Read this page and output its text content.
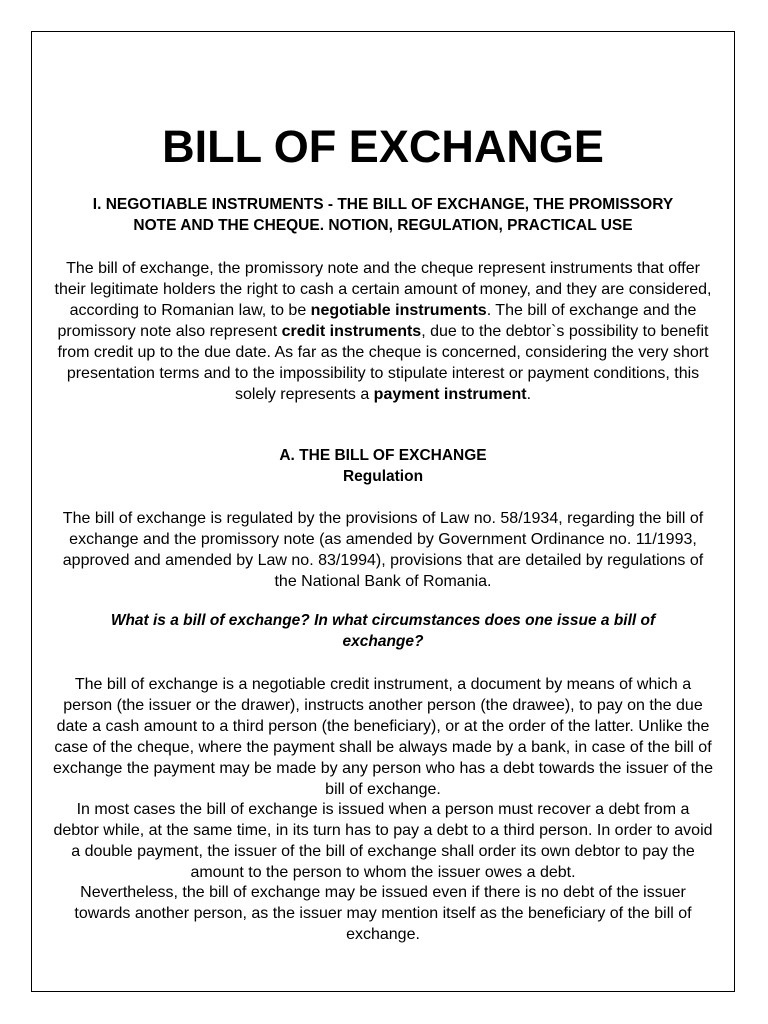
BILL OF EXCHANGE
I. NEGOTIABLE INSTRUMENTS - THE BILL OF EXCHANGE, THE PROMISSORY
NOTE AND THE CHEQUE. NOTION, REGULATION, PRACTICAL USE
The bill of exchange, the promissory note and the cheque represent instruments that offer their legitimate holders the right to cash a certain amount of money, and they are considered, according to Romanian law, to be negotiable instruments. The bill of exchange and the promissory note also represent credit instruments, due to the debtor`s possibility to benefit from credit up to the due date. As far as the cheque is concerned, considering the very short presentation terms and to the impossibility to stipulate interest or payment conditions, this solely represents a payment instrument.
A. THE BILL OF EXCHANGE
Regulation
The bill of exchange is regulated by the provisions of Law no. 58/1934, regarding the bill of exchange and the promissory note (as amended by Government Ordinance no. 11/1993, approved and amended by Law no. 83/1994), provisions that are detailed by regulations of the National Bank of Romania.
What is a bill of exchange? In what circumstances does one issue a bill of exchange?
The bill of exchange is a negotiable credit instrument, a document by means of which a person (the issuer or the drawer), instructs another person (the drawee), to pay on the due date a cash amount to a third person (the beneficiary), or at the order of the latter. Unlike the case of the cheque, where the payment shall be always made by a bank, in case of the bill of exchange the payment may be made by any person who has a debt towards the issuer of the bill of exchange.
In most cases the bill of exchange is issued when a person must recover a debt from a debtor while, at the same time, in its turn has to pay a debt to a third person. In order to avoid a double payment, the issuer of the bill of exchange shall order its own debtor to pay the amount to the person to whom the issuer owes a debt.
Nevertheless, the bill of exchange may be issued even if there is no debt of the issuer towards another person, as the issuer may mention itself as the beneficiary of the bill of exchange.
